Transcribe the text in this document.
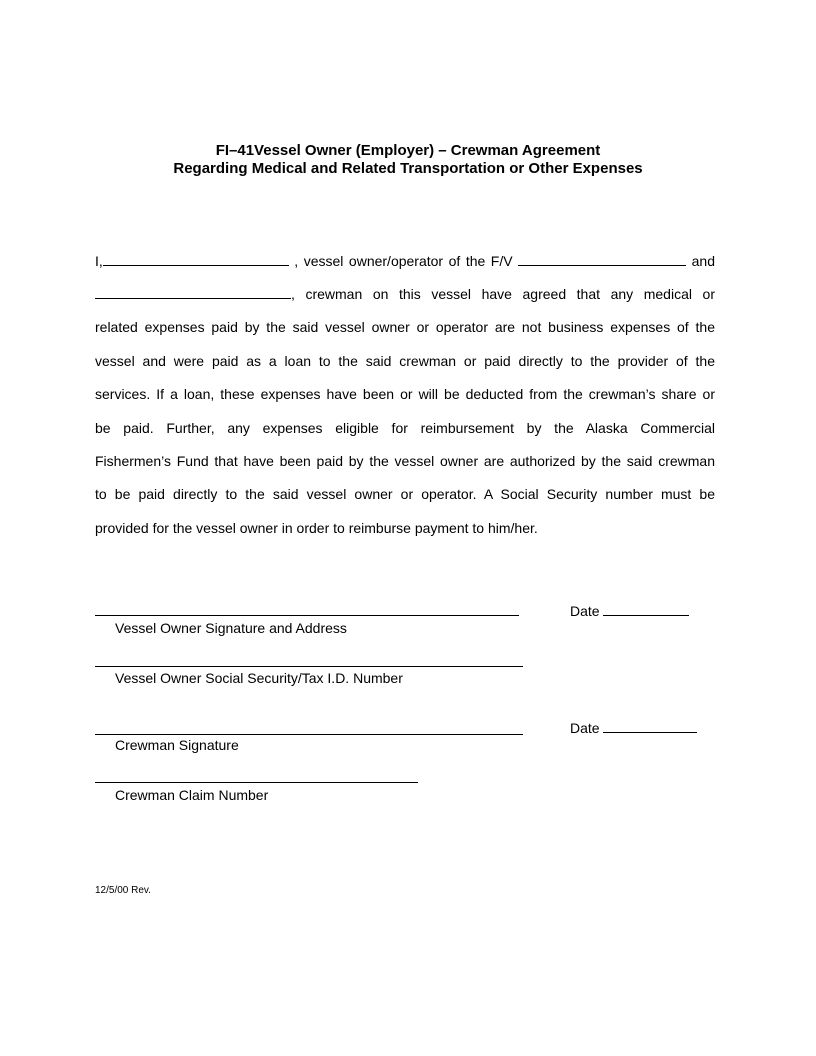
FI–41Vessel Owner (Employer) – Crewman Agreement
Regarding Medical and Related Transportation or Other Expenses
I,	, vessel owner/operator of the F/V	and
, crewman on this vessel have agreed that any medical or
related expenses paid by the said vessel owner or operator are not business expenses of the
vessel and were paid as a loan to the said crewman or paid directly to the provider of the
services. If a loan, these expenses have been or will be deducted from the crewman’s share or
be paid. Further, any expenses eligible for reimbursement by the Alaska Commercial
Fishermen’s Fund that have been paid by the vessel owner are authorized by the said crewman
to be paid directly to the said vessel owner or operator. A Social Security number must be
provided for the vessel owner in order to reimburse payment to him/her.
Vessel Owner Signature and Address
Date
Vessel Owner Social Security/Tax I.D. Number
Crewman Signature
Date
Crewman Claim Number
12/5/00 Rev.
